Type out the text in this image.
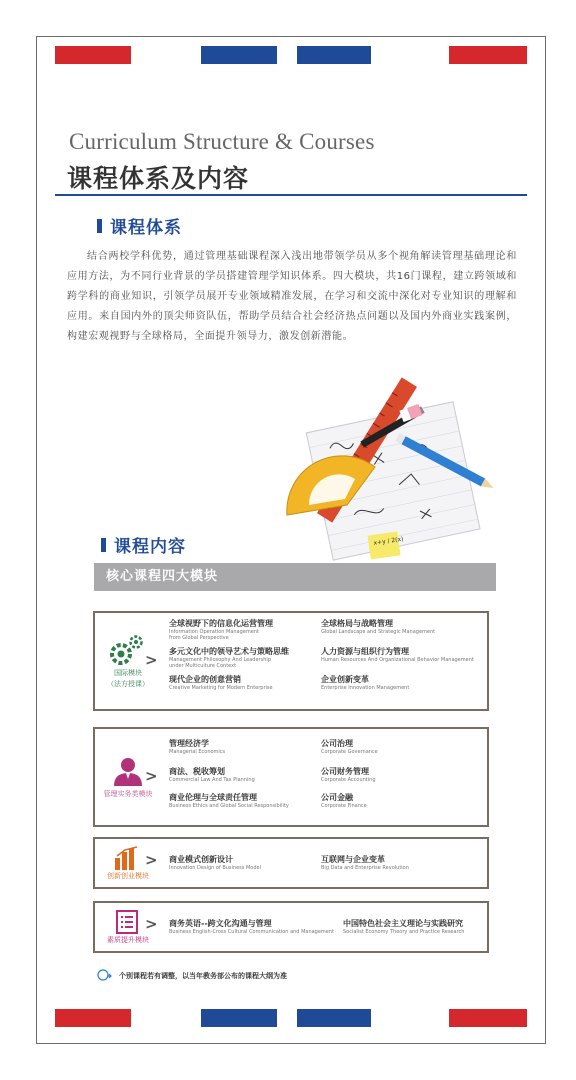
Curriculum Structure & Courses
课程体系及内容
课程体系

结合两校学科优势，通过管理基础课程深入浅出地带领学员从多个视角解读管理基础理论和应用方法，为不同行业背景的学员搭建管理学知识体系。四大模块，共16门课程，建立跨领域和跨学科的商业知识，引领学员展开专业领域精准发展，在学习和交流中深化对专业知识的理解和应用。来自国内外的顶尖师资队伍，帮助学员结合社会经济热点问题以及国内外商业实践案例，构建宏观视野与全球格局，全面提升领导力，激发创新潜能。

x+y / 2(x)
课程内容
核心课程四大模块
国际模块
（法方授课）
>
全球视野下的信息化运营管理
Information Operation Management
from Global Perspective
全球格局与战略管理
Global Landscape and Strategic Management
多元文化中的领导艺术与策略思维
Management Philosophy And Leadership
under Multiculture Context
人力资源与组织行为管理
Human Resources And Organizational Behavior Management
现代企业的创意营销
Creative Marketing for Modern Enterprise
企业创新变革
Enterprise Innovation Management
管理实务类模块
>
管理经济学
Managerial Economics
公司治理
Corporate Governance
商法、税收筹划
Commercial Law And Tax Planning
公司财务管理
Corporate Accounting
商业伦理与全球责任管理
Business Ethics and Global Social Responsibility
公司金融
Corporate Finance
创新创业模块
> 商业模式创新设计
Innovation Design of Business Model
互联网与企业变革
Big Data and Enterprise Revolution
素质提升模块
> 商务英语--跨文化沟通与管理
Business English-Cross Cultural Communication and Management
中国特色社会主义理论与实践研究
Socialist Economy Theory and Practice Research
个别课程若有调整，以当年教务部公布的课程大纲为准
